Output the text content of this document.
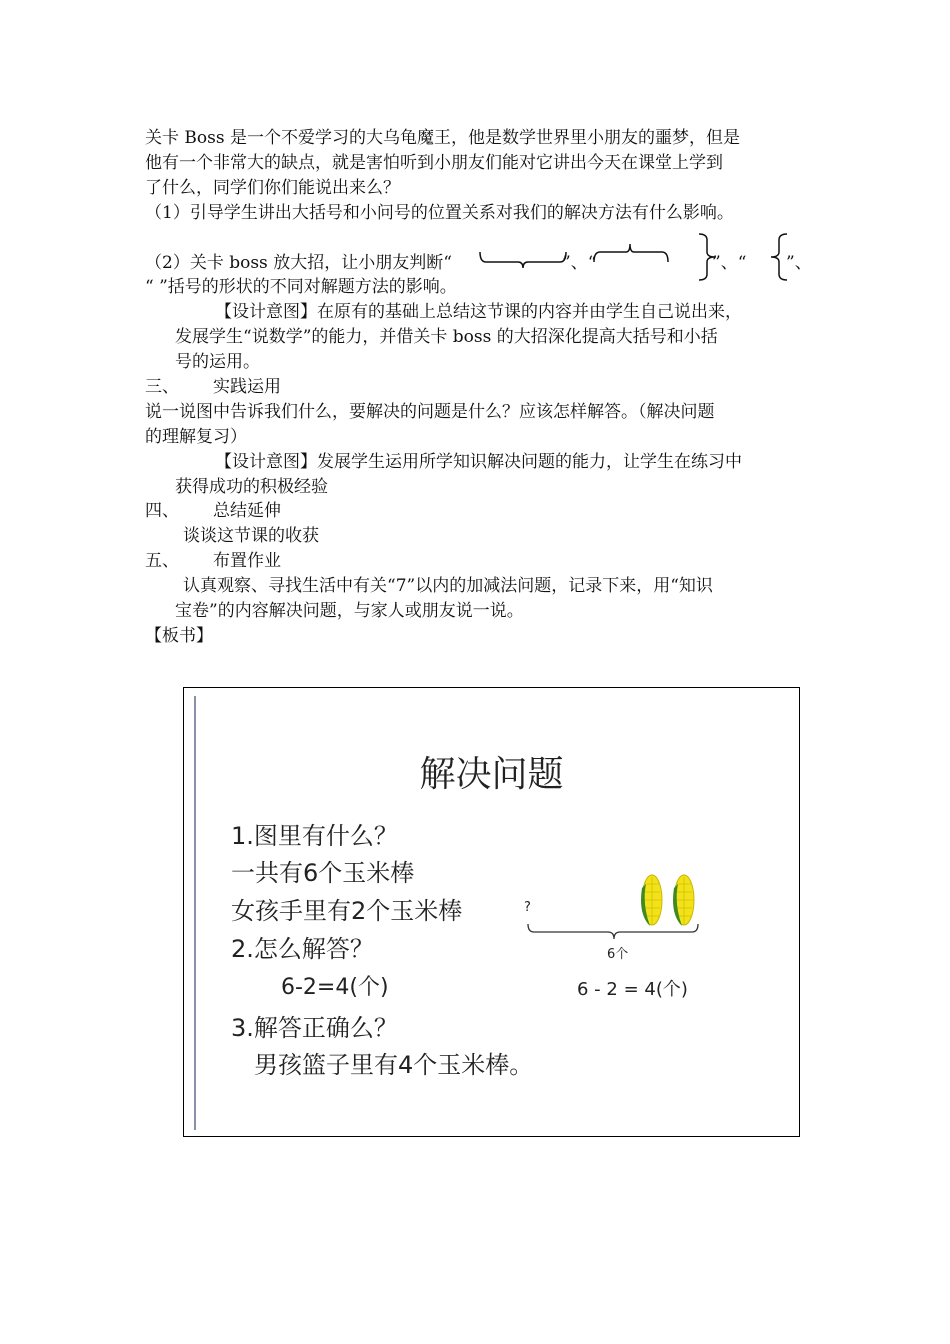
关卡 Boss 是一个不爱学习的大乌龟魔王，他是数学世界里小朋友的噩梦，但是
他有一个非常大的缺点，就是害怕听到小朋友们能对它讲出今天在课堂上学到
了什么，同学们你们能说出来么？
（1）引导学生讲出大括号和小问号的位置关系对我们的解决方法有什么影响。
（2）关卡 boss 放大招，让小朋友判断“	”、“	”、“ ”、
“ ”括号的形状的不同对解题方法的影响。
【设计意图】在原有的基础上总结这节课的内容并由学生自己说出来，
发展学生“说数学”的能力，并借关卡 boss 的大招深化提高大括号和小括
号的运用。
三、 实践运用
说一说图中告诉我们什么，要解决的问题是什么？应该怎样解答。（解决问题
的理解复习）
【设计意图】发展学生运用所学知识解决问题的能力，让学生在练习中
获得成功的积极经验
四、 总结延伸
谈谈这节课的收获
五、 布置作业
认真观察、寻找生活中有关“7”以内的加减法问题，记录下来，用“知识
宝卷”的内容解决问题，与家人或朋友说一说。
【板书】
解决问题
1.图里有什么？
一共有6个玉米棒
女孩手里有2个玉米棒
2.怎么解答？
6-2=4(个)
3.解答正确么？
男孩篮子里有4个玉米棒。
?
6个
6 - 2 = 4(个)
